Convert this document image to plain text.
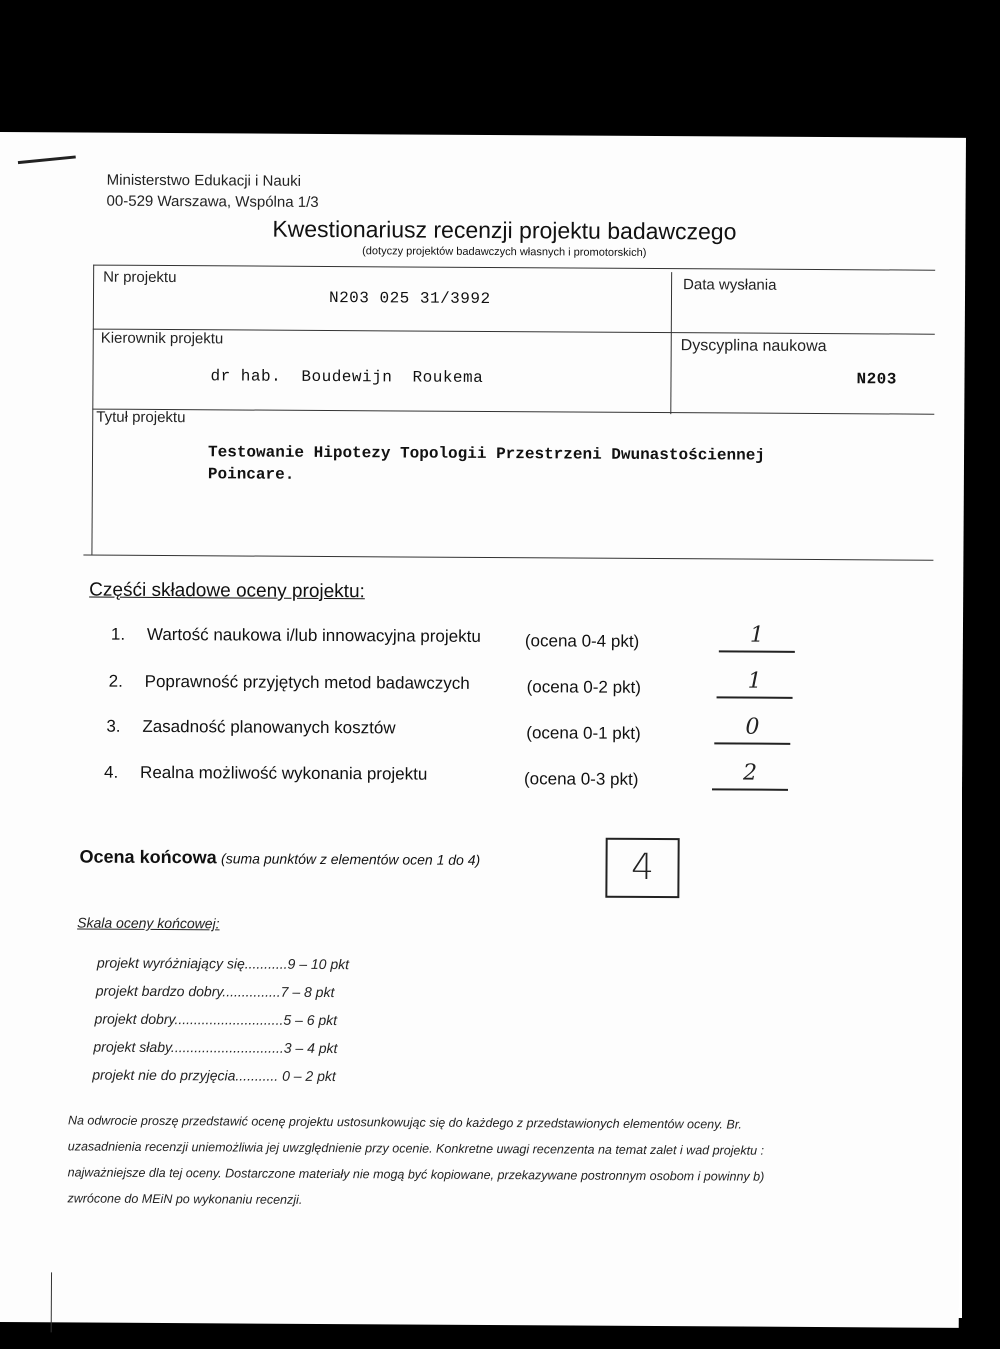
Ministerstwo Edukacji i Nauki
00-529 Warszawa, Wspólna 1/3
Kwestionariusz recenzji projektu badawczego
(dotyczy projektów badawczych własnych i promotorskich)
Nr projektu
N203 025 31/3992
Data wysłania
Kierownik projektu
dr hab.  Boudewijn  Roukema
Dyscyplina naukowa
N203
Tytuł projektu
Testowanie Hipotezy Topologii Przestrzeni Dwunastościennej
Poincare.
Częśći składowe oceny projektu:
1. Wartość naukowa i/lub innowacyjna projektu	(ocena 0-4 pkt)	1
2. Poprawność przyjętych metod badawczych	(ocena 0-2 pkt)	1
3. Zasadność planowanych kosztów	(ocena 0-1 pkt)	0
4. Realna możliwość wykonania projektu	(ocena 0-3 pkt)	2
Ocena końcowa (suma punktów z elementów ocen 1 do 4)	4
Skala oceny końcowej:
projekt wyróżniający się...........9 – 10 pkt
projekt bardzo dobry...............7 – 8 pkt
projekt dobry............................5 – 6 pkt
projekt słaby.............................3 – 4 pkt
projekt nie do przyjęcia........... 0 – 2 pkt
Na odwrocie proszę przedstawić ocenę projektu ustosunkowując się do każdego z przedstawionych elementów oceny. Br.
uzasadnienia recenzji uniemożliwia jej uwzględnienie przy ocenie. Konkretne uwagi recenzenta na temat zalet i wad projektu :
najważniejsze dla tej oceny. Dostarczone materiały nie mogą być kopiowane, przekazywane postronnym osobom i powinny b)
zwrócone do MEiN po wykonaniu recenzji.
